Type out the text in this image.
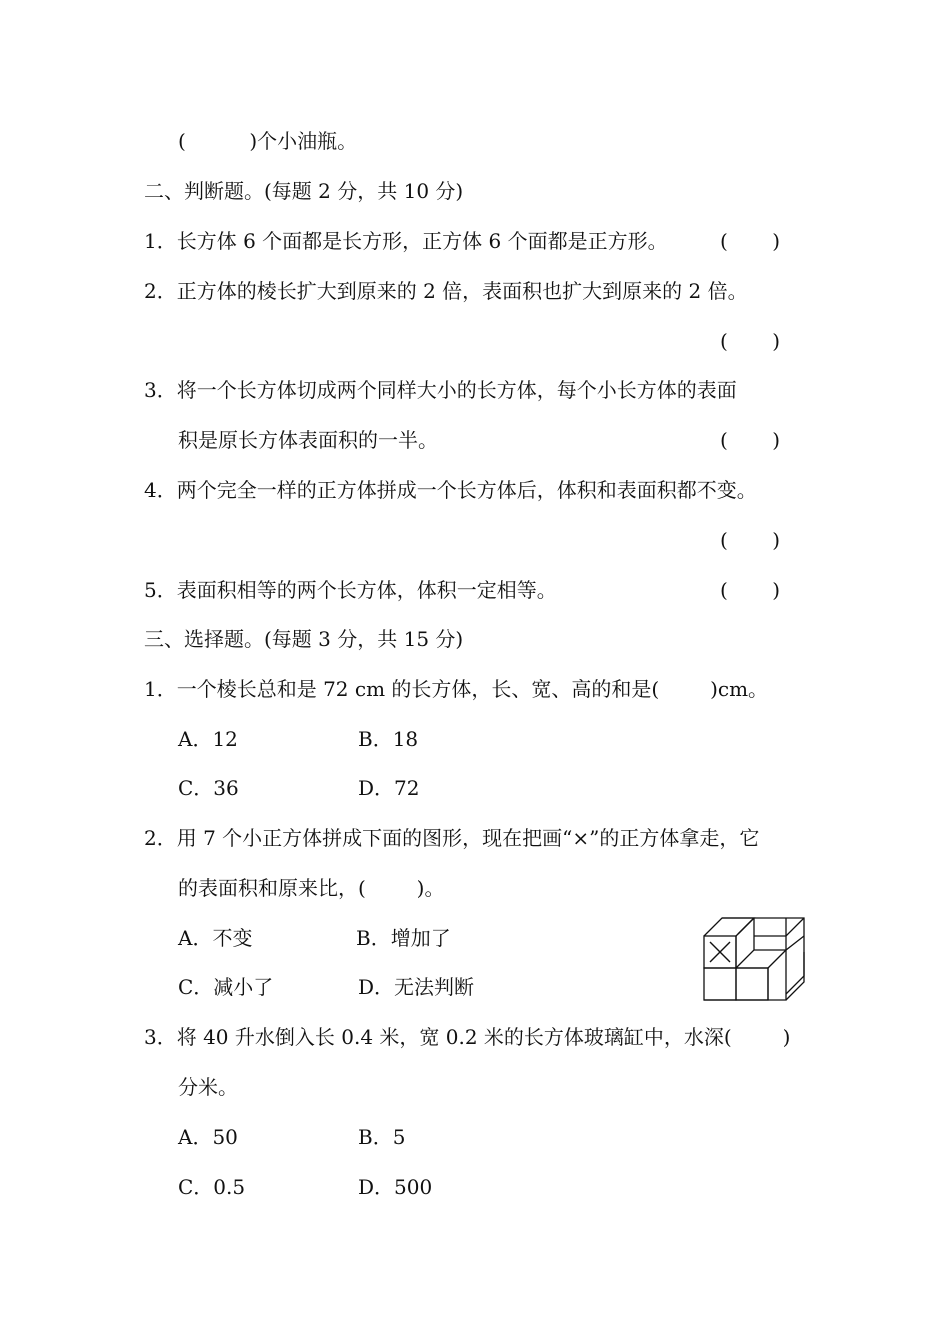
(          )个小油瓶。
二、判断题。(每题 2 分，共 10 分)
1．长方体 6 个面都是长方形，正方体 6 个面都是正方形。	(       )
2．正方体的棱长扩大到原来的 2 倍，表面积也扩大到原来的 2 倍。
(       )
3．将一个长方体切成两个同样大小的长方体，每个小长方体的表面
积是原长方体表面积的一半。	(       )
4．两个完全一样的正方体拼成一个长方体后，体积和表面积都不变。
(       )
5．表面积相等的两个长方体，体积一定相等。	(       )
三、选择题。(每题 3 分，共 15 分)
1．一个棱长总和是 72 cm 的长方体，长、宽、高的和是(        )cm。
A．12	B．18
C．36	D．72
2．用 7 个小正方体拼成下面的图形，现在把画“×”的正方体拿走，它
的表面积和原来比，(        )。
A．不变	B．增加了
C．减小了	D．无法判断
3．将 40 升水倒入长 0.4 米，宽 0.2 米的长方体玻璃缸中，水深(        )
分米。
A．50	B．5
C．0.5	D．500
